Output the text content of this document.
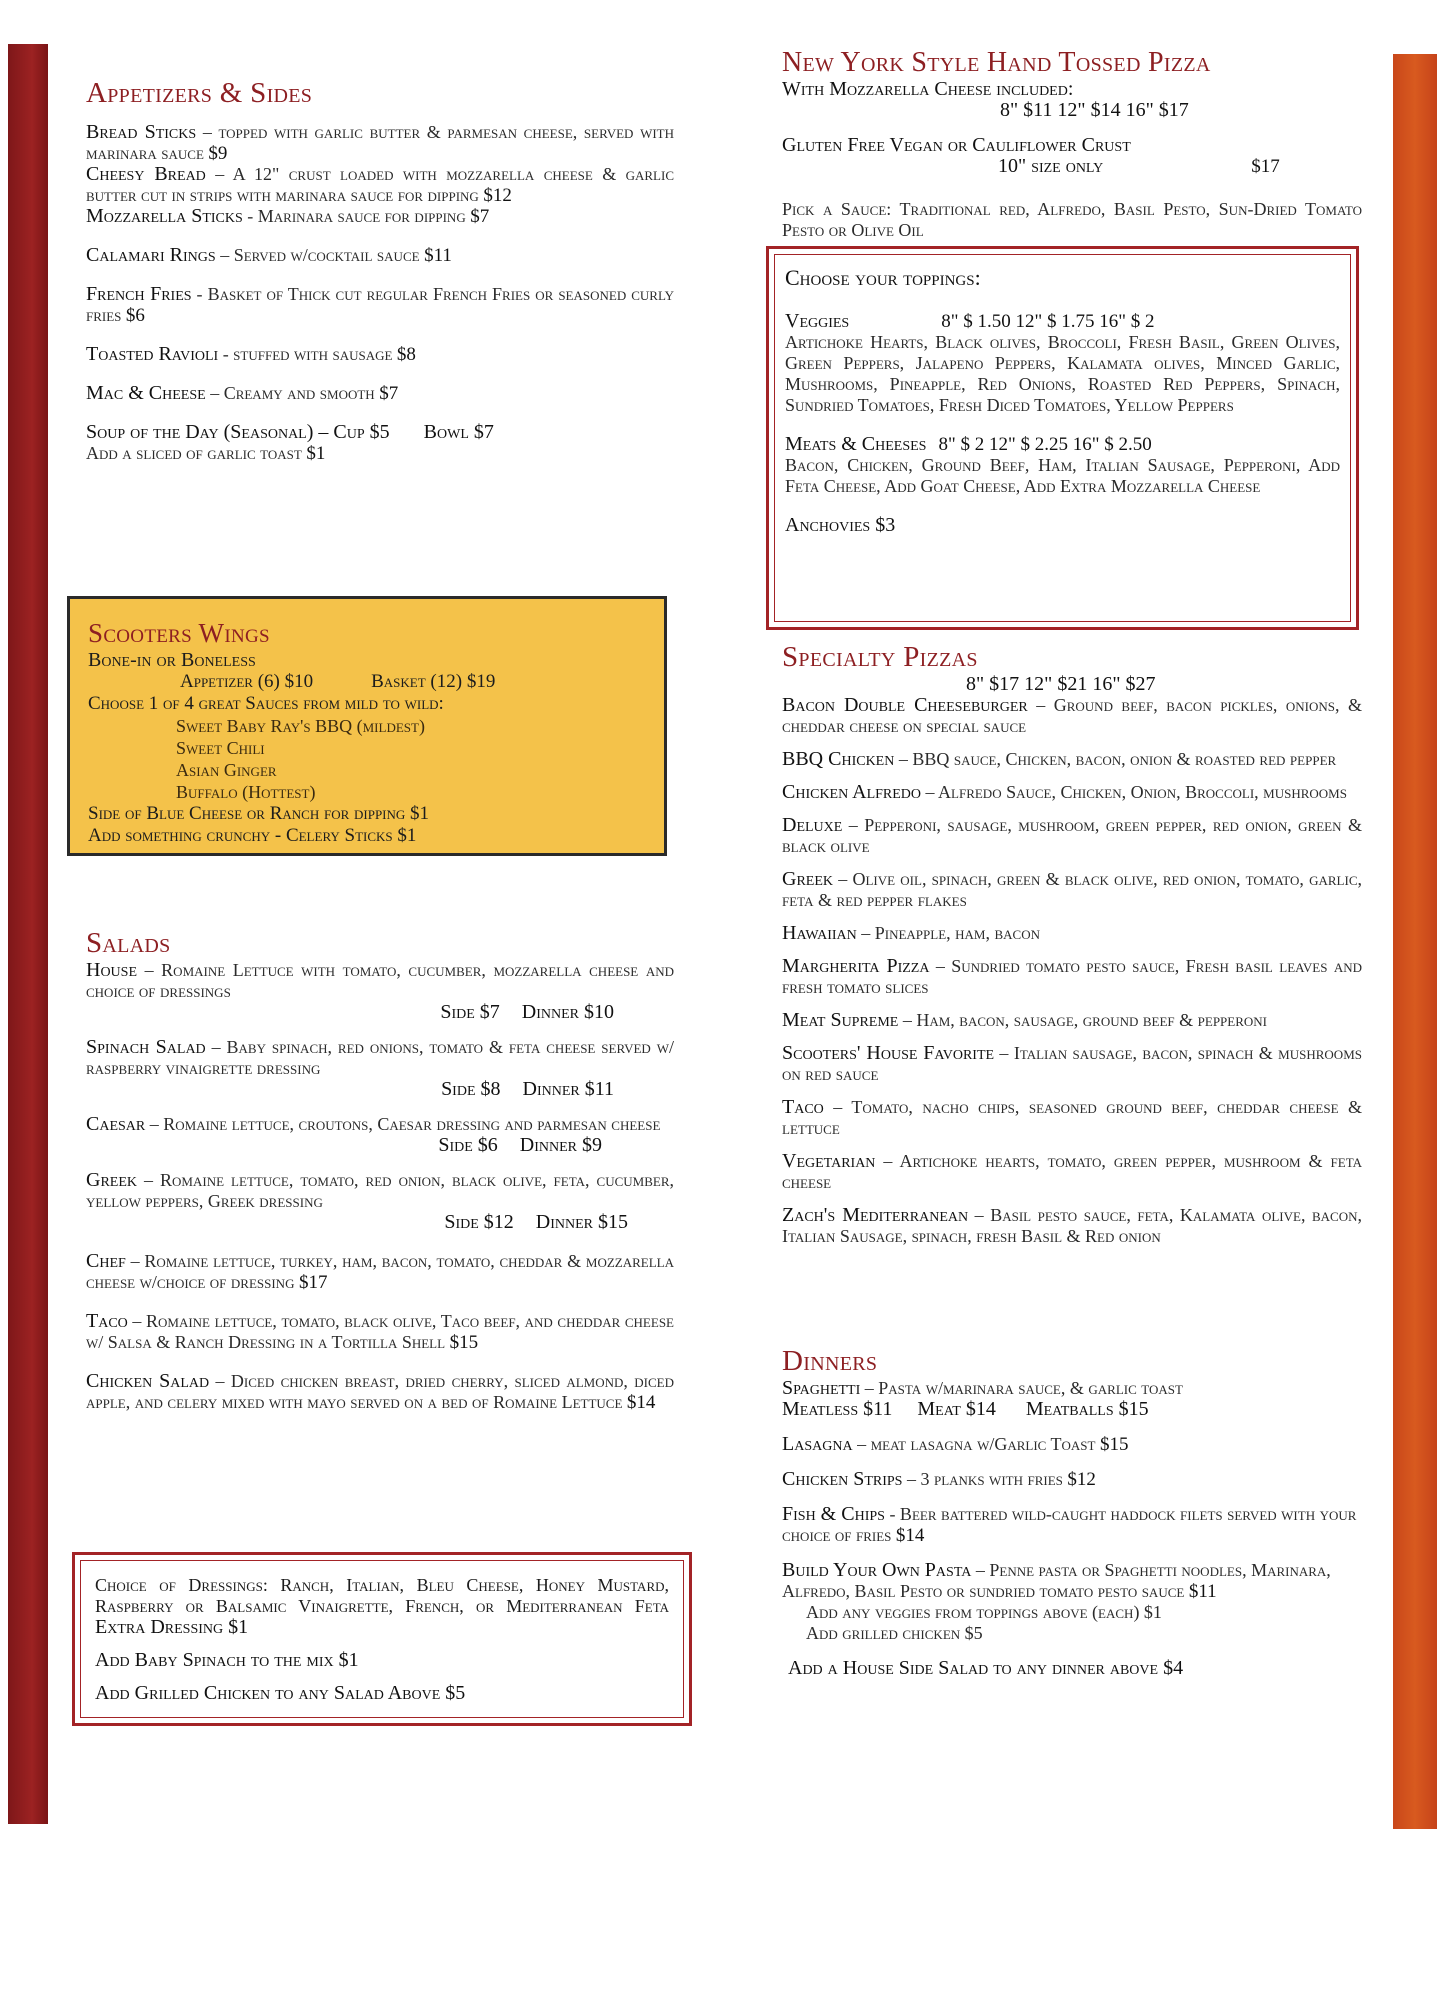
Appetizers & Sides
Bread Sticks – topped with garlic butter & parmesan cheese, served with marinara sauce $9
Cheesy Bread – A 12" crust loaded with mozzarella cheese & garlic butter cut in strips with marinara sauce for dipping $12
Mozzarella Sticks - Marinara sauce for dipping $7
Calamari Rings – Served w/cocktail sauce $11
French Fries - Basket of Thick cut regular French Fries or seasoned curly fries $6
Toasted Ravioli - stuffed with sausage $8
Mac & Cheese – Creamy and smooth $7
Soup of the Day (Seasonal) – Cup $5 Bowl $7
Add a sliced of garlic toast $1
Scooters Wings
Bone-in or Boneless
Appetizer (6) $10	Basket (12) $19
Choose 1 of 4 great Sauces from mild to wild:
Sweet Baby Ray's BBQ (mildest)
Sweet Chili
Asian Ginger
Buffalo (Hottest)
Side of Blue Cheese or Ranch for dipping $1
Add something crunchy - Celery Sticks $1
Salads
House – Romaine Lettuce with tomato, cucumber, mozzarella cheese and choice of dressings
Side $7 Dinner $10
Spinach Salad – Baby spinach, red onions, tomato & feta cheese served w/ raspberry vinaigrette dressing
Side $8 Dinner $11
Caesar – Romaine lettuce, croutons, Caesar dressing and parmesan cheese
Side $6 Dinner $9
Greek – Romaine lettuce, tomato, red onion, black olive, feta, cucumber, yellow peppers, Greek dressing
Side $12 Dinner $15
Chef – Romaine lettuce, turkey, ham, bacon, tomato, cheddar & mozzarella cheese w/choice of dressing $17
Taco – Romaine lettuce, tomato, black olive, Taco beef, and cheddar cheese w/ Salsa & Ranch Dressing in a Tortilla Shell $15
Chicken Salad – Diced chicken breast, dried cherry, sliced almond, diced apple, and celery mixed with mayo served on a bed of Romaine Lettuce $14
Choice of Dressings: Ranch, Italian, Bleu Cheese, Honey Mustard, Raspberry or Balsamic Vinaigrette, French, or Mediterranean Feta Extra Dressing $1
Add Baby Spinach to the mix $1
Add Grilled Chicken to any Salad Above $5
New York Style Hand Tossed Pizza
With Mozzarella Cheese included:
8" $11 12" $14 16" $17
Gluten Free Vegan or Cauliflower Crust
10" size only	$17
Pick a Sauce: Traditional red, Alfredo, Basil Pesto, Sun-Dried Tomato Pesto or Olive Oil
Choose your toppings:
Veggies	8" $ 1.50 12" $ 1.75 16" $ 2
Artichoke Hearts, Black olives, Broccoli, Fresh Basil, Green Olives, Green Peppers, Jalapeno Peppers, Kalamata olives, Minced Garlic, Mushrooms, Pineapple, Red Onions, Roasted Red Peppers, Spinach, Sundried Tomatoes, Fresh Diced Tomatoes, Yellow Peppers
Meats & Cheeses 8" $ 2 12" $ 2.25 16" $ 2.50
Bacon, Chicken, Ground Beef, Ham, Italian Sausage, Pepperoni, Add Feta Cheese, Add Goat Cheese, Add Extra Mozzarella Cheese
Anchovies $3
Specialty Pizzas
8" $17 12" $21 16" $27
Bacon Double Cheeseburger – Ground beef, bacon pickles, onions, & cheddar cheese on special sauce
BBQ Chicken – BBQ sauce, Chicken, bacon, onion & roasted red pepper
Chicken Alfredo – Alfredo Sauce, Chicken, Onion, Broccoli, mushrooms
Deluxe – Pepperoni, sausage, mushroom, green pepper, red onion, green & black olive
Greek – Olive oil, spinach, green & black olive, red onion, tomato, garlic, feta & red pepper flakes
Hawaiian – Pineapple, ham, bacon
Margherita Pizza – Sundried tomato pesto sauce, Fresh basil leaves and fresh tomato slices
Meat Supreme – Ham, bacon, sausage, ground beef & pepperoni
Scooters' House Favorite – Italian sausage, bacon, spinach & mushrooms on red sauce
Taco – Tomato, nacho chips, seasoned ground beef, cheddar cheese & lettuce
Vegetarian – Artichoke hearts, tomato, green pepper, mushroom & feta cheese
Zach's Mediterranean – Basil pesto sauce, feta, Kalamata olive, bacon, Italian Sausage, spinach, fresh Basil & Red onion
Dinners
Spaghetti – Pasta w/marinara sauce, & garlic toast
Meatless $11     Meat $14      Meatballs $15
Lasagna – meat lasagna w/Garlic Toast $15
Chicken Strips – 3 planks with fries $12
Fish & Chips - Beer battered wild-caught haddock filets served with your choice of fries $14
Build Your Own Pasta – Penne pasta or Spaghetti noodles, Marinara, Alfredo, Basil Pesto or sundried tomato pesto sauce $11
Add any veggies from toppings above (each) $1
Add grilled chicken $5
Add a House Side Salad to any dinner above $4
